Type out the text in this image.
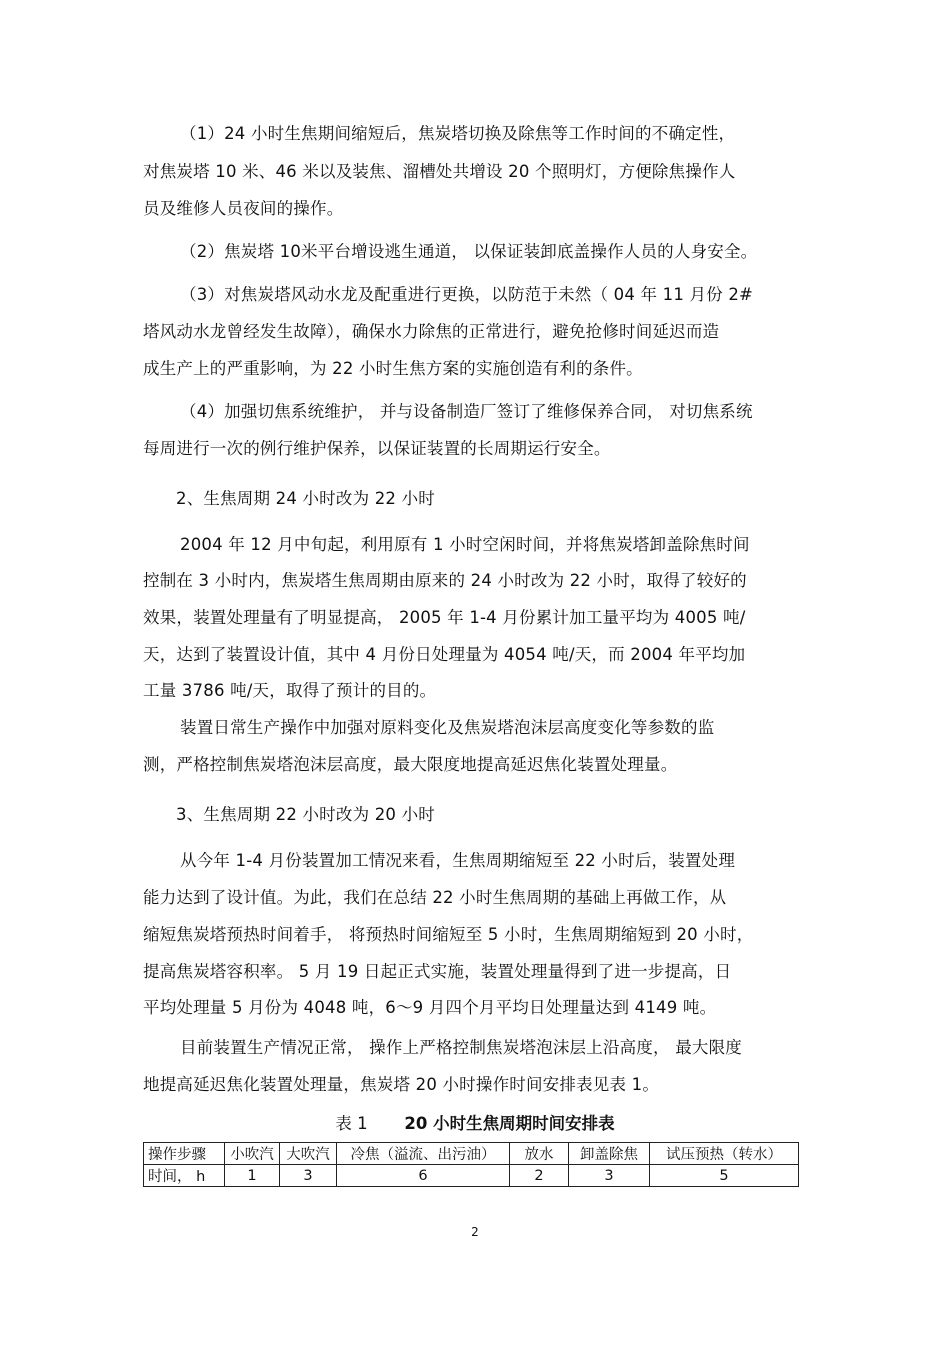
（1）24 小时生焦期间缩短后，焦炭塔切换及除焦等工作时间的不确定性，
对焦炭塔 10 米、46 米以及装焦、溜槽处共增设 20 个照明灯，方便除焦操作人
员及维修人员夜间的操作。
（2）焦炭塔 10米平台增设逃生通道， 以保证装卸底盖操作人员的人身安全。
（3）对焦炭塔风动水龙及配重进行更换，以防范于未然（ 04 年 11 月份 2#
塔风动水龙曾经发生故障），确保水力除焦的正常进行，避免抢修时间延迟而造
成生产上的严重影响，为 22 小时生焦方案的实施创造有利的条件。
（4）加强切焦系统维护， 并与设备制造厂签订了维修保养合同， 对切焦系统
每周进行一次的例行维护保养，以保证装置的长周期运行安全。
2、生焦周期 24 小时改为 22 小时
2004 年 12 月中旬起，利用原有 1 小时空闲时间，并将焦炭塔卸盖除焦时间
控制在 3 小时内，焦炭塔生焦周期由原来的 24 小时改为 22 小时，取得了较好的
效果，装置处理量有了明显提高， 2005 年 1-4 月份累计加工量平均为 4005 吨/
天，达到了装置设计值，其中 4 月份日处理量为 4054 吨/天，而 2004 年平均加
工量 3786 吨/天，取得了预计的目的。
装置日常生产操作中加强对原料变化及焦炭塔泡沫层高度变化等参数的监
测，严格控制焦炭塔泡沫层高度，最大限度地提高延迟焦化装置处理量。
3、生焦周期 22 小时改为 20 小时
从今年 1-4 月份装置加工情况来看，生焦周期缩短至 22 小时后，装置处理
能力达到了设计值。为此，我们在总结 22 小时生焦周期的基础上再做工作，从
缩短焦炭塔预热时间着手， 将预热时间缩短至 5 小时，生焦周期缩短到 20 小时，
提高焦炭塔容积率。 5 月 19 日起正式实施，装置处理量得到了进一步提高，日
平均处理量 5 月份为 4048 吨，6～9 月四个月平均日处理量达到 4149 吨。
目前装置生产情况正常， 操作上严格控制焦炭塔泡沫层上沿高度， 最大限度
地提高延迟焦化装置处理量，焦炭塔 20 小时操作时间安排表见表 1。
表 1 20 小时生焦周期时间安排表
操作步骤	小吹汽	大吹汽	冷焦（溢流、出污油）	放水	卸盖除焦	试压预热（转水）
时间， h	1	3	6	2	3	5
2
